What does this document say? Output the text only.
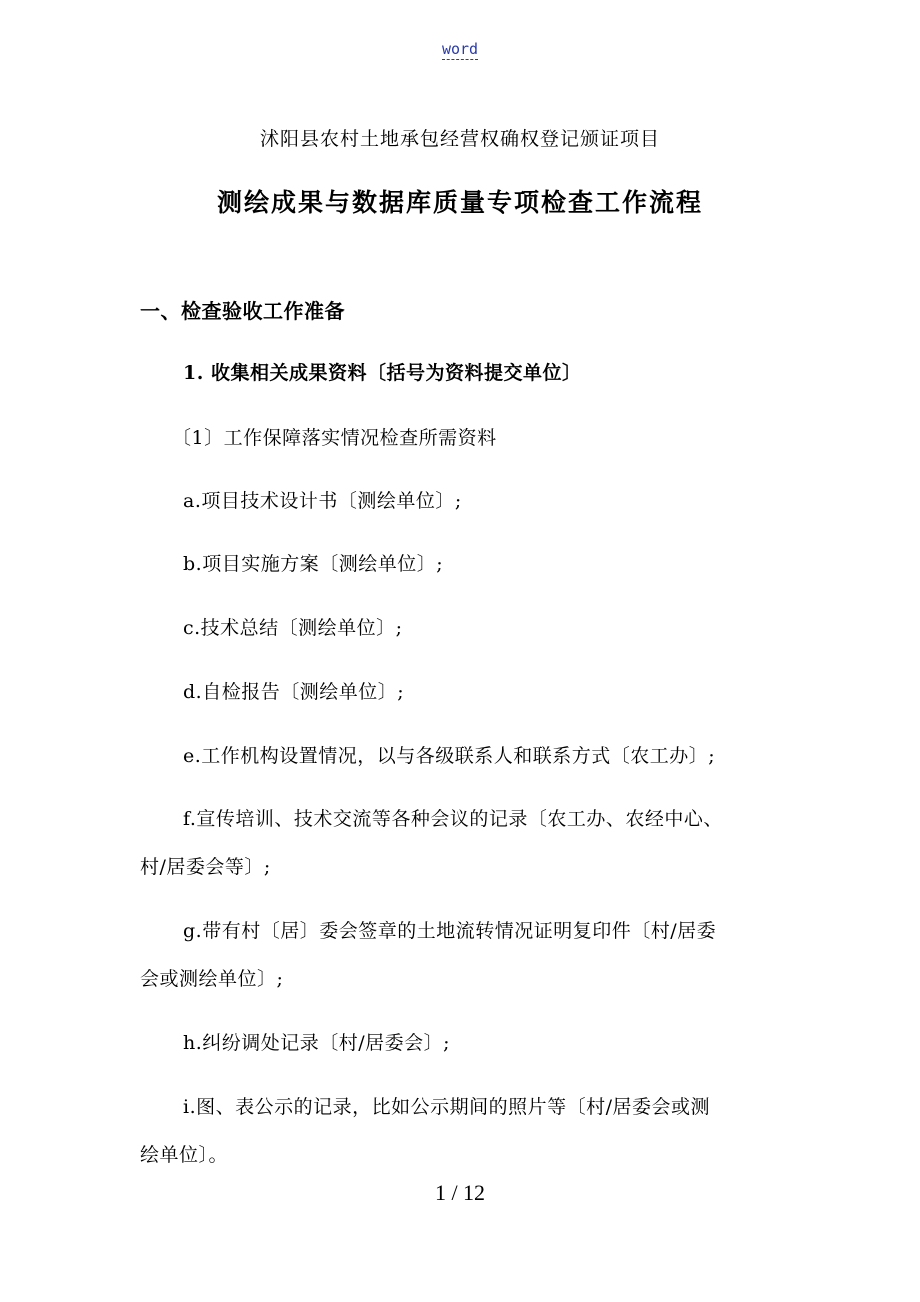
word
沭阳县农村土地承包经营权确权登记颁证项目
测绘成果与数据库质量专项检查工作流程
一、检查验收工作准备
1. 收集相关成果资料〔括号为资料提交单位〕
〔1〕工作保障落实情况检查所需资料
a.项目技术设计书〔测绘单位〕;
b.项目实施方案〔测绘单位〕;
c.技术总结〔测绘单位〕;
d.自检报告〔测绘单位〕;
e.工作机构设置情况，以与各级联系人和联系方式〔农工办〕;
f.宣传培训、技术交流等各种会议的记录〔农工办、农经中心、
村/居委会等〕;
g.带有村〔居〕委会签章的土地流转情况证明复印件〔村/居委
会或测绘单位〕;
h.纠纷调处记录〔村/居委会〕;
i.图、表公示的记录，比如公示期间的照片等〔村/居委会或测
绘单位〕。
1 / 12
